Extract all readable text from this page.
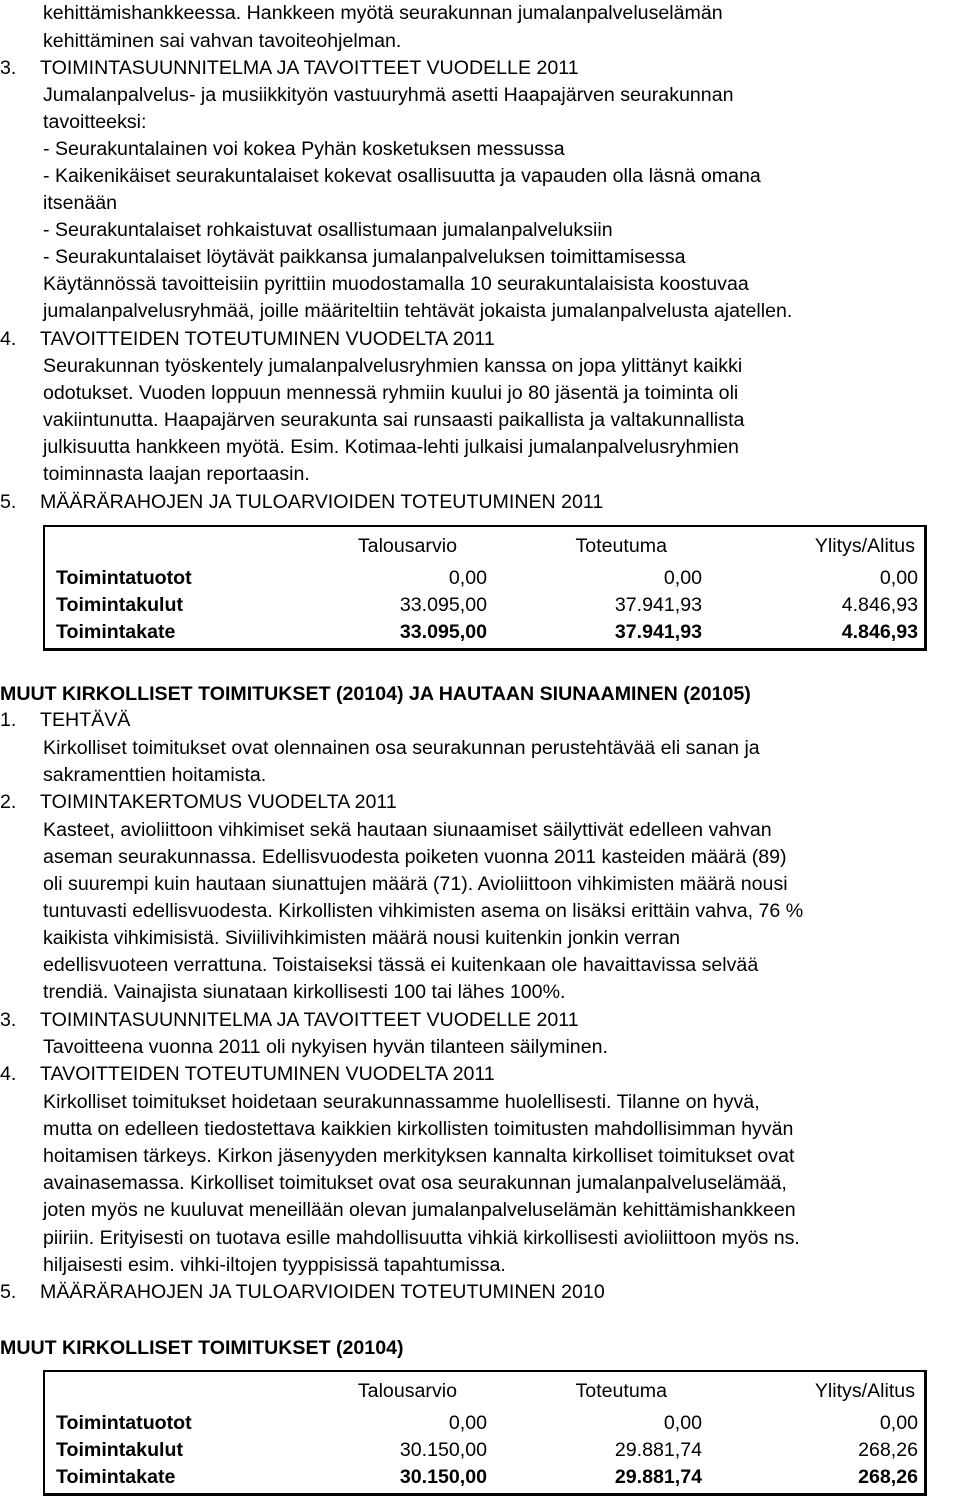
kehittämishankkeessa. Hankkeen myötä seurakunnan jumalanpalveluselämän
kehittäminen sai vahvan tavoiteohjelman.
3. TOIMINTASUUNNITELMA JA TAVOITTEET VUODELLE 2011
Jumalanpalvelus- ja musiikkityön vastuuryhmä asetti Haapajärven seurakunnan
tavoitteeksi:
- Seurakuntalainen voi kokea Pyhän kosketuksen messussa
- Kaikenikäiset seurakuntalaiset kokevat osallisuutta ja vapauden olla läsnä omana
itsenään
- Seurakuntalaiset rohkaistuvat osallistumaan jumalanpalveluksiin
- Seurakuntalaiset löytävät paikkansa jumalanpalveluksen toimittamisessa
Käytännössä tavoitteisiin pyrittiin muodostamalla 10 seurakuntalaisista koostuvaa
jumalanpalvelusryhmää, joille määriteltiin tehtävät jokaista jumalanpalvelusta ajatellen.
4. TAVOITTEIDEN TOTEUTUMINEN VUODELTA 2011
Seurakunnan työskentely jumalanpalvelusryhmien kanssa on jopa ylittänyt kaikki
odotukset. Vuoden loppuun mennessä ryhmiin kuului jo 80 jäsentä ja toiminta oli
vakiintunutta. Haapajärven seurakunta sai runsaasti paikallista ja valtakunnallista
julkisuutta hankkeen myötä. Esim. Kotimaa-lehti julkaisi jumalanpalvelusryhmien
toiminnasta laajan reportaasin.
5. MÄÄRÄRAHOJEN JA TULOARVIOIDEN TOTEUTUMINEN 2011
Talousarvio	Toteutuma	Ylitys/Alitus
Toimintatuotot	0,00	0,00	0,00
Toimintakulut	33.095,00	37.941,93	4.846,93
Toimintakate	33.095,00	37.941,93	4.846,93
MUUT KIRKOLLISET TOIMITUKSET (20104) JA HAUTAAN SIUNAAMINEN (20105)
1. TEHTÄVÄ
Kirkolliset toimitukset ovat olennainen osa seurakunnan perustehtävää eli sanan ja
sakramenttien hoitamista.
2. TOIMINTAKERTOMUS VUODELTA 2011
Kasteet, avioliittoon vihkimiset sekä hautaan siunaamiset säilyttivät edelleen vahvan
aseman seurakunnassa. Edellisvuodesta poiketen vuonna 2011 kasteiden määrä (89)
oli suurempi kuin hautaan siunattujen määrä (71). Avioliittoon vihkimisten määrä nousi
tuntuvasti edellisvuodesta. Kirkollisten vihkimisten asema on lisäksi erittäin vahva, 76 %
kaikista vihkimisistä. Siviilivihkimisten määrä nousi kuitenkin jonkin verran
edellisvuoteen verrattuna. Toistaiseksi tässä ei kuitenkaan ole havaittavissa selvää
trendiä. Vainajista siunataan kirkollisesti 100 tai lähes 100%.
3. TOIMINTASUUNNITELMA JA TAVOITTEET VUODELLE 2011
Tavoitteena vuonna 2011 oli nykyisen hyvän tilanteen säilyminen.
4. TAVOITTEIDEN TOTEUTUMINEN VUODELTA 2011
Kirkolliset toimitukset hoidetaan seurakunnassamme huolellisesti. Tilanne on hyvä,
mutta on edelleen tiedostettava kaikkien kirkollisten toimitusten mahdollisimman hyvän
hoitamisen tärkeys. Kirkon jäsenyyden merkityksen kannalta kirkolliset toimitukset ovat
avainasemassa. Kirkolliset toimitukset ovat osa seurakunnan jumalanpalveluselämää,
joten myös ne kuuluvat meneillään olevan jumalanpalveluselämän kehittämishankkeen
piiriin. Erityisesti on tuotava esille mahdollisuutta vihkiä kirkollisesti avioliittoon myös ns.
hiljaisesti esim. vihki-iltojen tyyppisissä tapahtumissa.
5. MÄÄRÄRAHOJEN JA TULOARVIOIDEN TOTEUTUMINEN 2010
MUUT KIRKOLLISET TOIMITUKSET (20104)
Talousarvio	Toteutuma	Ylitys/Alitus
Toimintatuotot	0,00	0,00	0,00
Toimintakulut	30.150,00	29.881,74	268,26
Toimintakate	30.150,00	29.881,74	268,26
